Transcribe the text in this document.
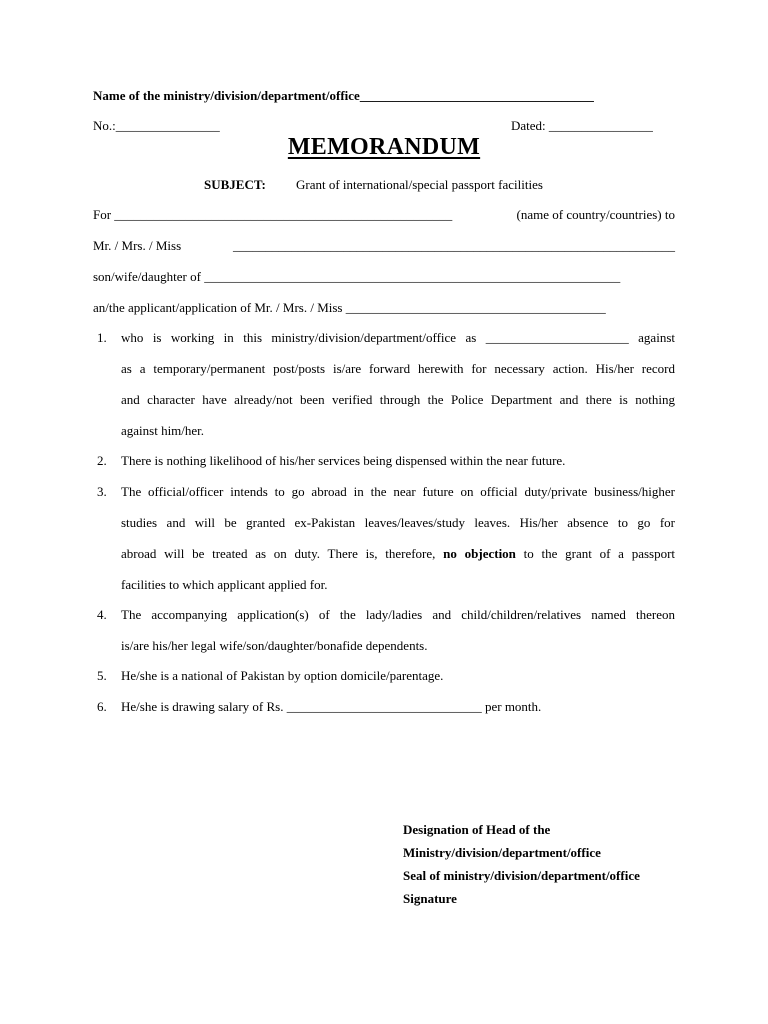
Name of the ministry/division/department/office____________________________________
No.:________________	Dated: ________________
MEMORANDUM
SUBJECT: Grant of international/special passport facilities
For ____________________________________________________	(name of country/countries) to
Mr. / Mrs. / Miss	____________________________________________________________________
son/wife/daughter of ________________________________________________________________
an/the applicant/application of Mr. / Mrs. / Miss ________________________________________
1. who is working in this ministry/division/department/office as ______________________ against
as a temporary/permanent post/posts is/are forward herewith for necessary action. His/her record
and character have already/not been verified through the Police Department and there is nothing
against him/her.
2. There is nothing likelihood of his/her services being dispensed within the near future.
3. The official/officer intends to go abroad in the near future on official duty/private business/higher
studies and will be granted ex-Pakistan leaves/leaves/study leaves. His/her absence to go for
abroad will be treated as on duty. There is, therefore, no objection to the grant of a passport
facilities to which applicant applied for.
4. The accompanying application(s) of the lady/ladies and child/children/relatives named thereon
is/are his/her legal wife/son/daughter/bonafide dependents.
5. He/she is a national of Pakistan by option domicile/parentage.
6. He/she is drawing salary of Rs. ______________________________ per month.
Designation of Head of the
Ministry/division/department/office
Seal of ministry/division/department/office
Signature
